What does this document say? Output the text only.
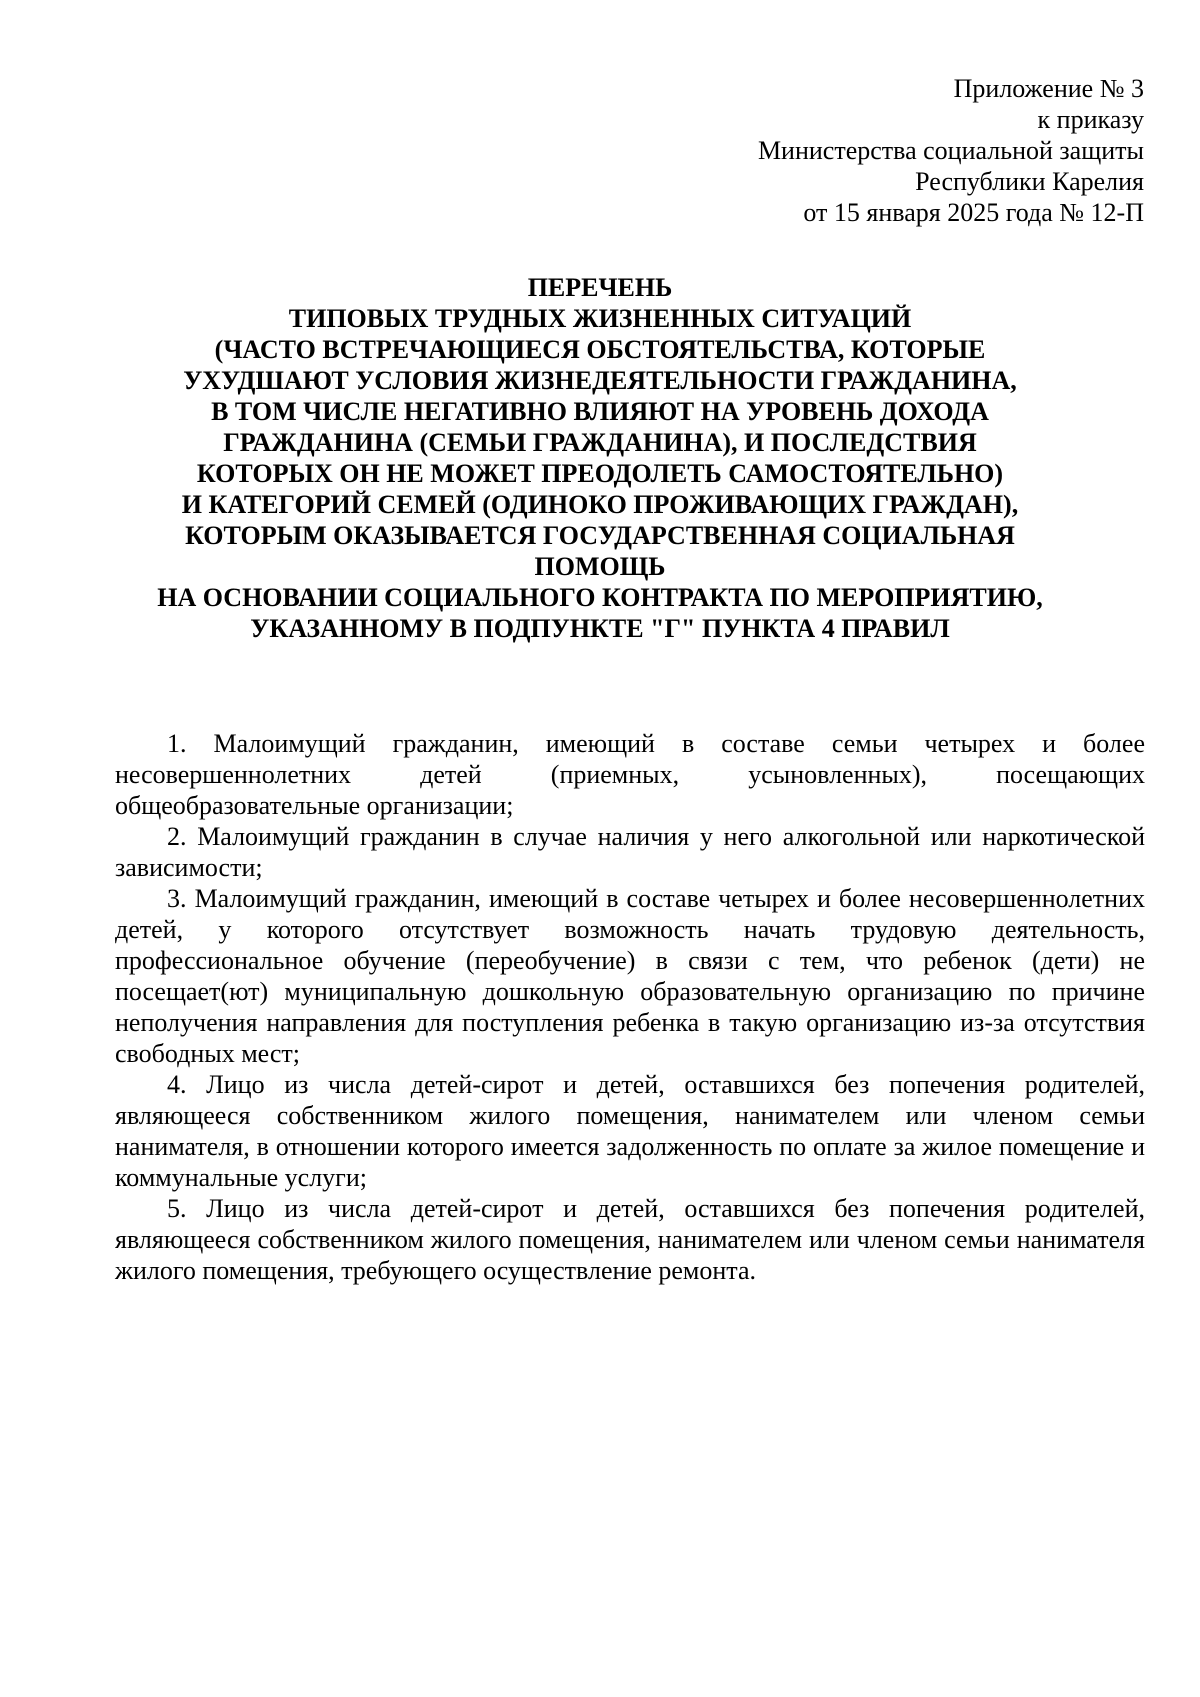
Приложение № 3
к приказу
Министерства социальной защиты
Республики Карелия
от 15 января 2025 года № 12-П
ПЕРЕЧЕНЬ
ТИПОВЫХ ТРУДНЫХ ЖИЗНЕННЫХ СИТУАЦИЙ
(ЧАСТО ВСТРЕЧАЮЩИЕСЯ ОБСТОЯТЕЛЬСТВА, КОТОРЫЕ
УХУДШАЮТ УСЛОВИЯ ЖИЗНЕДЕЯТЕЛЬНОСТИ ГРАЖДАНИНА,
В ТОМ ЧИСЛЕ НЕГАТИВНО ВЛИЯЮТ НА УРОВЕНЬ ДОХОДА
ГРАЖДАНИНА (СЕМЬИ ГРАЖДАНИНА), И ПОСЛЕДСТВИЯ
КОТОРЫХ ОН НЕ МОЖЕТ ПРЕОДОЛЕТЬ САМОСТОЯТЕЛЬНО)
И КАТЕГОРИЙ СЕМЕЙ (ОДИНОКО ПРОЖИВАЮЩИХ ГРАЖДАН),
КОТОРЫМ ОКАЗЫВАЕТСЯ ГОСУДАРСТВЕННАЯ СОЦИАЛЬНАЯ
ПОМОЩЬ
НА ОСНОВАНИИ СОЦИАЛЬНОГО КОНТРАКТА ПО МЕРОПРИЯТИЮ,
УКАЗАННОМУ В ПОДПУНКТЕ "Г" ПУНКТА 4 ПРАВИЛ

1. Малоимущий гражданин, имеющий в составе семьи четырех и более несовершеннолетних детей (приемных, усыновленных), посещающих общеобразовательные организации;

2. Малоимущий гражданин в случае наличия у него алкогольной или наркотической зависимости;

3. Малоимущий гражданин, имеющий в составе четырех и более несовершеннолетних детей, у которого отсутствует возможность начать трудовую деятельность, профессиональное обучение (переобучение) в связи с тем, что ребенок (дети) не посещает(ют) муниципальную дошкольную образовательную организацию по причине неполучения направления для поступления ребенка в такую организацию из-за отсутствия свободных мест;

4. Лицо из числа детей-сирот и детей, оставшихся без попечения родителей, являющееся собственником жилого помещения, нанимателем или членом семьи нанимателя, в отношении которого имеется задолженность по оплате за жилое помещение и коммунальные услуги;

5. Лицо из числа детей-сирот и детей, оставшихся без попечения родителей, являющееся собственником жилого помещения, нанимателем или членом семьи нанимателя жилого помещения, требующего осуществление ремонта.
